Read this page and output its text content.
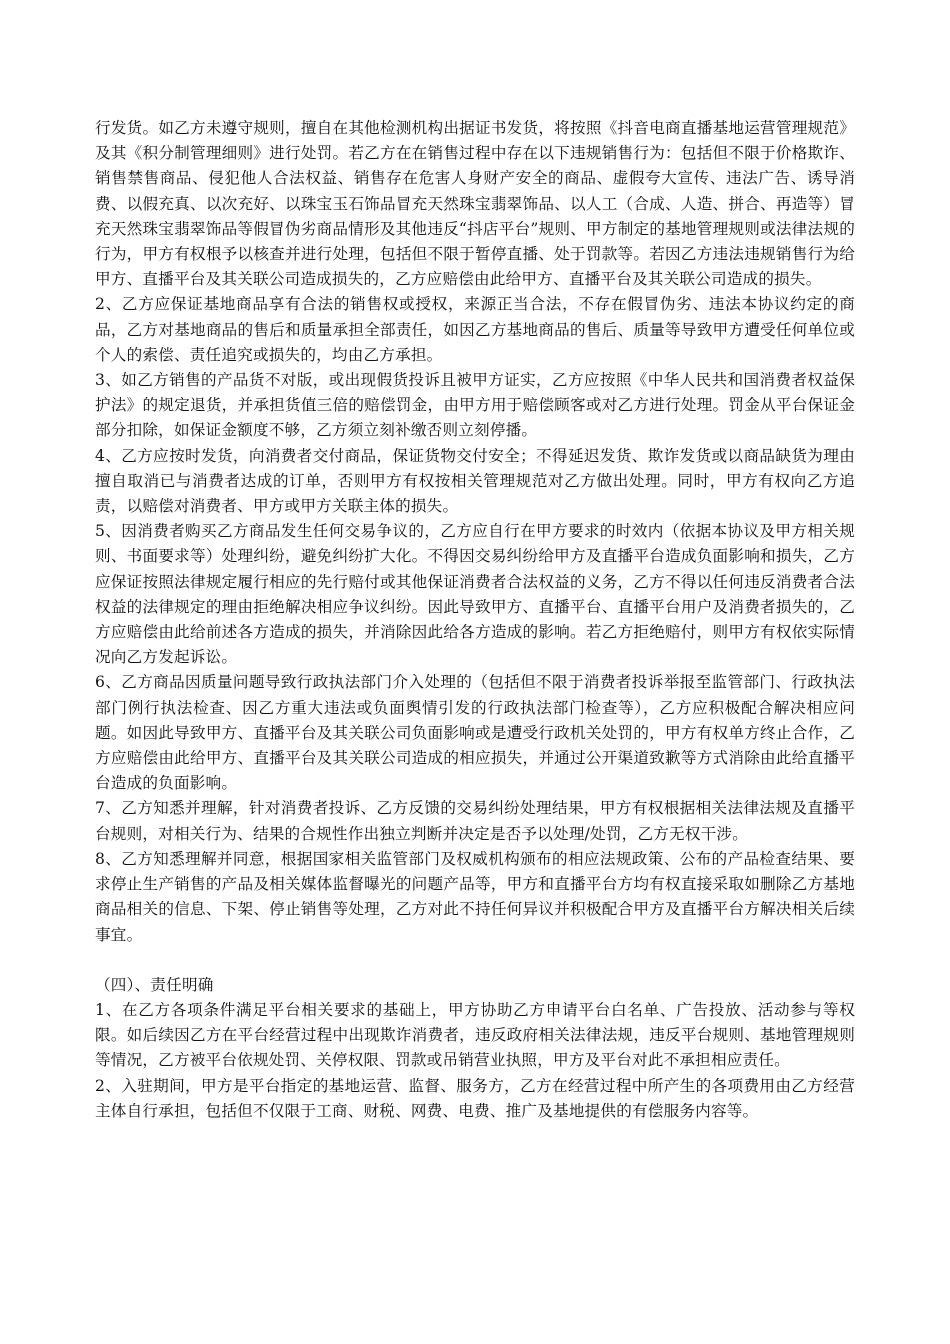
行发货。如乙方未遵守规则，擅自在其他检测机构出据证书发货，将按照《抖音电商直播基地运营管理规范》及其《积分制管理细则》进行处罚。若乙方在在销售过程中存在以下违规销售行为：包括但不限于价格欺诈、销售禁售商品、侵犯他人合法权益、销售存在危害人身财产安全的商品、虚假夸大宣传、违法广告、诱导消费、以假充真、以次充好、以珠宝玉石饰品冒充天然珠宝翡翠饰品、以人工（合成、人造、拼合、再造等）冒充天然珠宝翡翠饰品等假冒伪劣商品情形及其他违反“抖店平台”规则、甲方制定的基地管理规则或法律法规的行为，甲方有权根予以核查并进行处理，包括但不限于暂停直播、处于罚款等。若因乙方违法违规销售行为给甲方、直播平台及其关联公司造成损失的，乙方应赔偿由此给甲方、直播平台及其关联公司造成的损失。

2、乙方应保证基地商品享有合法的销售权或授权，来源正当合法，不存在假冒伪劣、违法本协议约定的商品，乙方对基地商品的售后和质量承担全部责任，如因乙方基地商品的售后、质量等导致甲方遭受任何单位或个人的索偿、责任追究或损失的，均由乙方承担。

3、如乙方销售的产品货不对版，或出现假货投诉且被甲方证实，乙方应按照《中华人民共和国消费者权益保护法》的规定退货，并承担货值三倍的赔偿罚金，由甲方用于赔偿顾客或对乙方进行处理。罚金从平台保证金部分扣除，如保证金额度不够，乙方须立刻补缴否则立刻停播。

4、乙方应按时发货，向消费者交付商品，保证货物交付安全；不得延迟发货、欺诈发货或以商品缺货为理由擅自取消已与消费者达成的订单，否则甲方有权按相关管理规范对乙方做出处理。同时，甲方有权向乙方追责，以赔偿对消费者、甲方或甲方关联主体的损失。

5、因消费者购买乙方商品发生任何交易争议的，乙方应自行在甲方要求的时效内（依据本协议及甲方相关规则、书面要求等）处理纠纷，避免纠纷扩大化。不得因交易纠纷给甲方及直播平台造成负面影响和损失，乙方应保证按照法律规定履行相应的先行赔付或其他保证消费者合法权益的义务，乙方不得以任何违反消费者合法权益的法律规定的理由拒绝解决相应争议纠纷。因此导致甲方、直播平台、直播平台用户及消费者损失的，乙方应赔偿由此给前述各方造成的损失，并消除因此给各方造成的影响。若乙方拒绝赔付，则甲方有权依实际情况向乙方发起诉讼。

6、乙方商品因质量问题导致行政执法部门介入处理的（包括但不限于消费者投诉举报至监管部门、行政执法部门例行执法检查、因乙方重大违法或负面舆情引发的行政执法部门检查等），乙方应积极配合解决相应问题。如因此导致甲方、直播平台及其关联公司负面影响或是遭受行政机关处罚的，甲方有权单方终止合作，乙方应赔偿由此给甲方、直播平台及其关联公司造成的相应损失，并通过公开渠道致歉等方式消除由此给直播平台造成的负面影响。

7、乙方知悉并理解，针对消费者投诉、乙方反馈的交易纠纷处理结果，甲方有权根据相关法律法规及直播平台规则，对相关行为、结果的合规性作出独立判断并决定是否予以处理/处罚，乙方无权干涉。

8、乙方知悉理解并同意，根据国家相关监管部门及权威机构颁布的相应法规政策、公布的产品检查结果、要求停止生产销售的产品及相关媒体监督曝光的问题产品等，甲方和直播平台方均有权直接采取如删除乙方基地商品相关的信息、下架、停止销售等处理，乙方对此不持任何异议并积极配合甲方及直播平台方解决相关后续事宜。

（四）、责任明确

1、在乙方各项条件满足平台相关要求的基础上，甲方协助乙方申请平台白名单、广告投放、活动参与等权限。如后续因乙方在平台经营过程中出现欺诈消费者，违反政府相关法律法规，违反平台规则、基地管理规则等情况，乙方被平台依规处罚、关停权限、罚款或吊销营业执照，甲方及平台对此不承担相应责任。

2、入驻期间，甲方是平台指定的基地运营、监督、服务方，乙方在经营过程中所产生的各项费用由乙方经营主体自行承担，包括但不仅限于工商、财税、网费、电费、推广及基地提供的有偿服务内容等。
